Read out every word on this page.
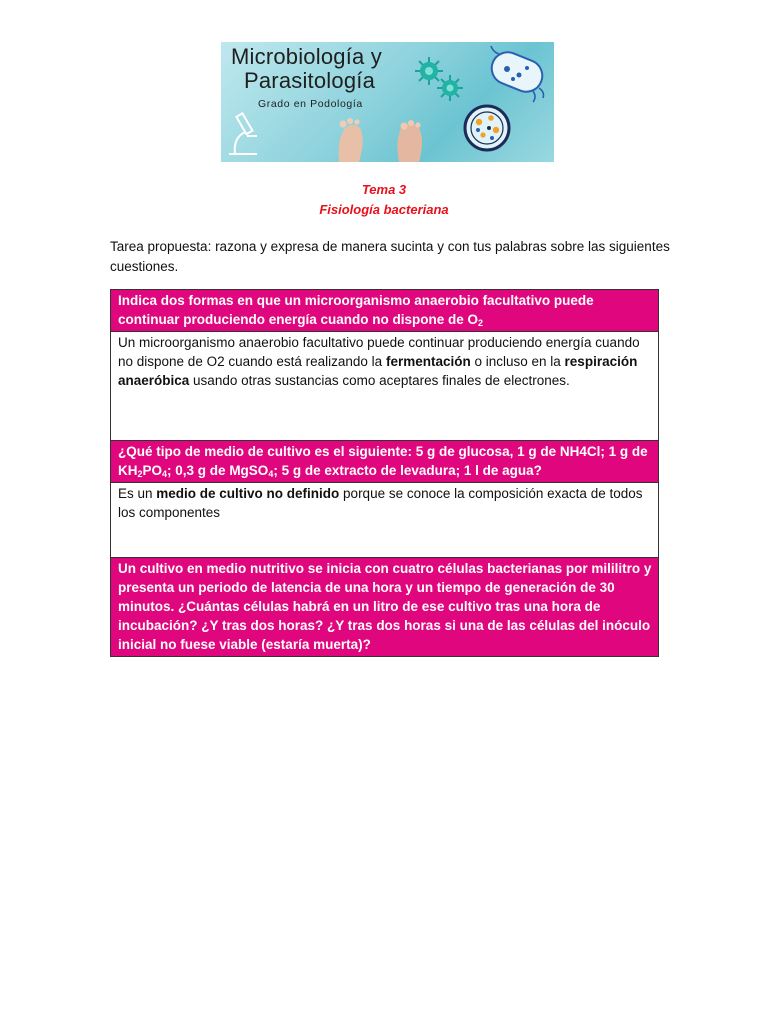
Microbiología y
Parasitología
Grado en Podología
Tema 3
Fisiología bacteriana
Tarea propuesta: razona y expresa de manera sucinta y con tus palabras sobre las siguientes cuestiones.
Indica dos formas en que un microorganismo anaerobio facultativo puede continuar produciendo energía cuando no dispone de $O_2$
Un microorganismo anaerobio facultativo puede continuar produciendo energía cuando no dispone de O2 cuando está realizando la fermentación o incluso en la respiración anaeróbica usando otras sustancias como aceptares finales de electrones.
¿Qué tipo de medio de cultivo es el siguiente: 5 g de glucosa, 1 g de NH4Cl; 1 g de $KH_2PO_4$; 0,3 g de MgSO$_4$; 5 g de extracto de levadura; 1 l de agua?
Es un medio de cultivo no definido porque se conoce la composición exacta de todos los componentes
Un cultivo en medio nutritivo se inicia con cuatro células bacterianas por mililitro y presenta un periodo de latencia de una hora y un tiempo de generación de 30 minutos. ¿Cuántas células habrá en un litro de ese cultivo tras una hora de incubación? ¿Y tras dos horas? ¿Y tras dos horas si una de las células del inóculo inicial no fuese viable (estaría muerta)?
